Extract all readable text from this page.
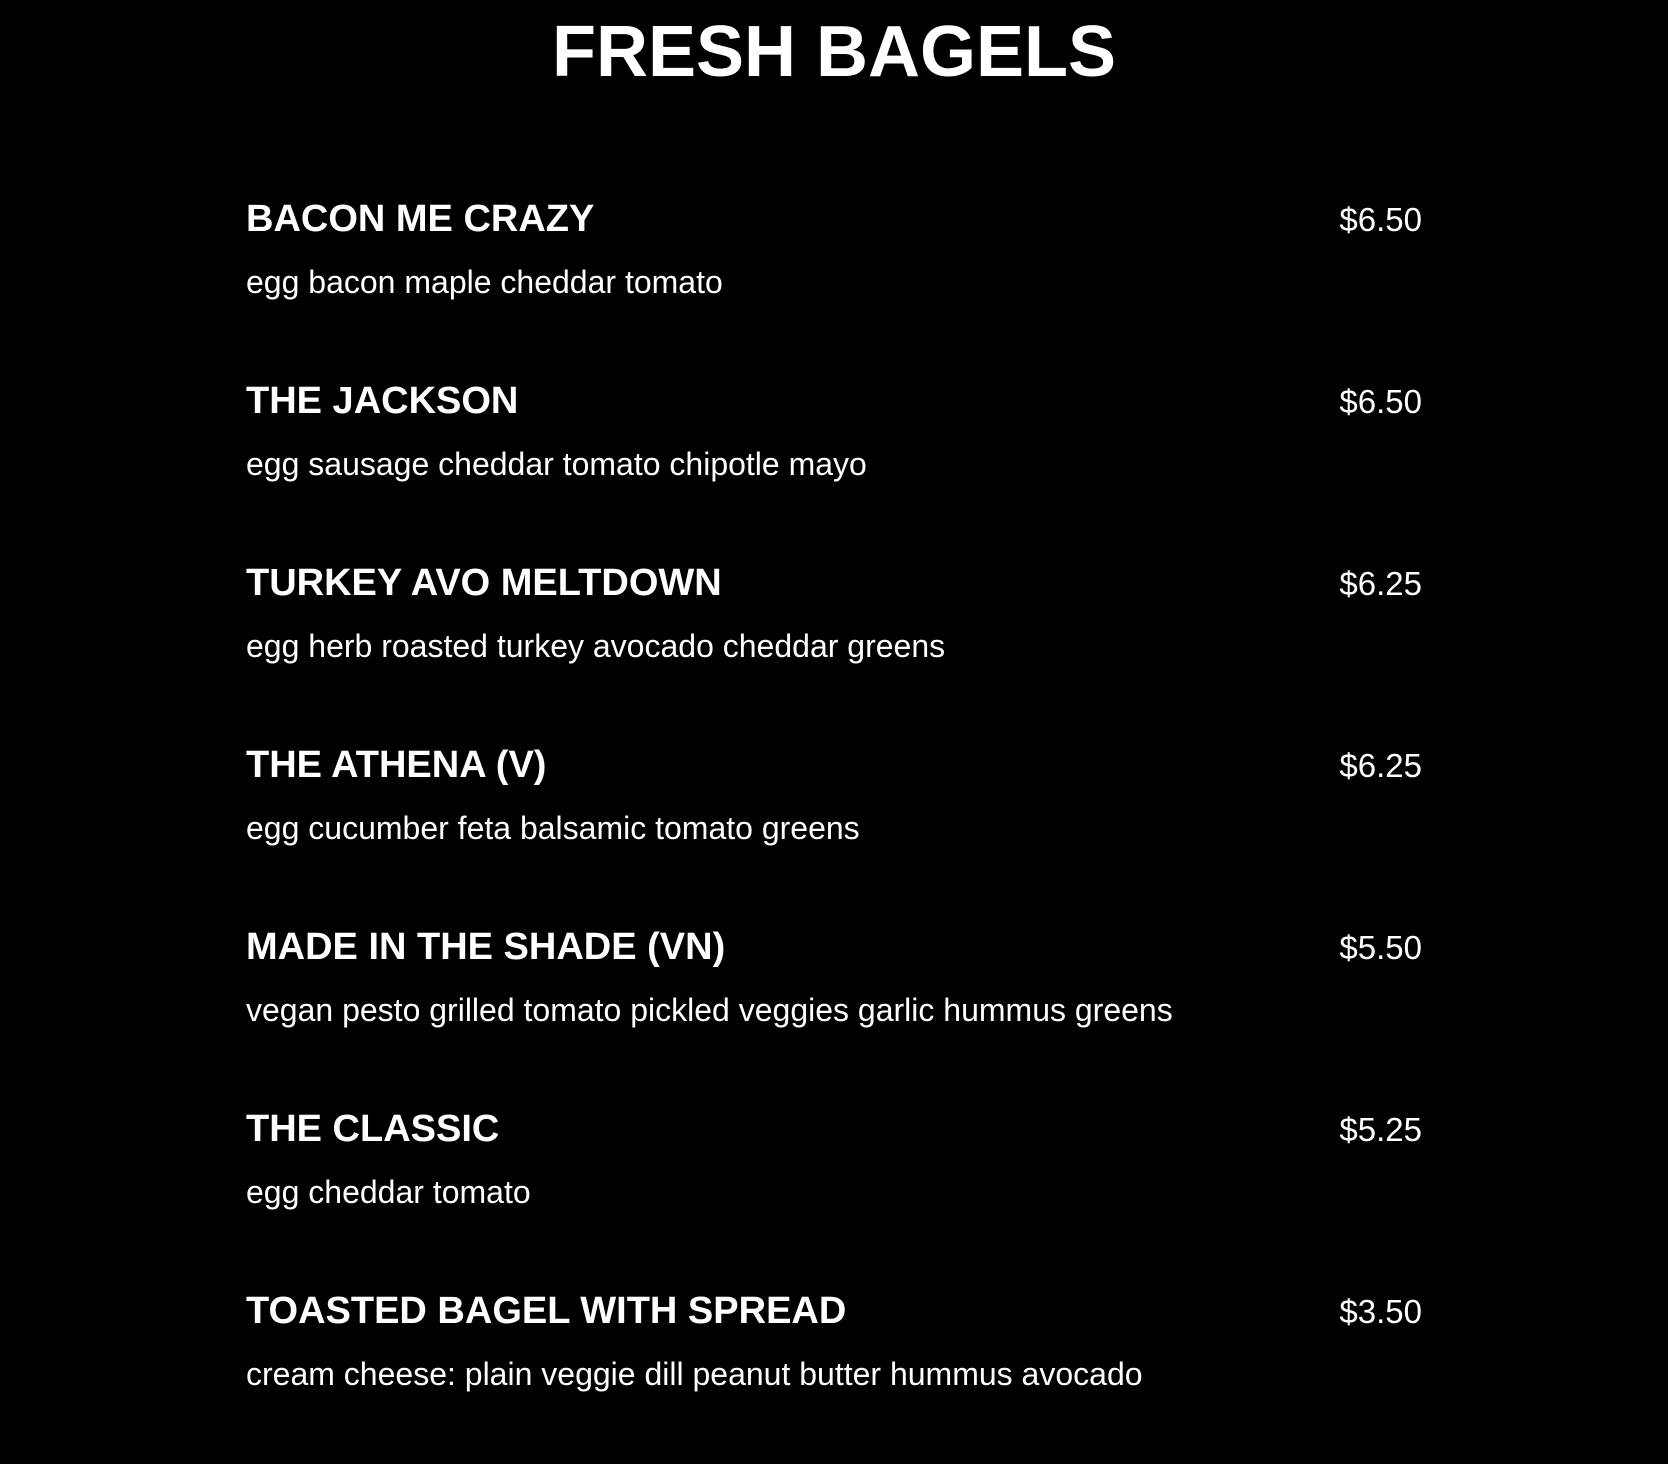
FRESH BAGELS
BACON ME CRAZY	$6.50
egg bacon maple cheddar tomato
THE JACKSON	$6.50
egg sausage cheddar tomato chipotle mayo
TURKEY AVO MELTDOWN	$6.25
egg herb roasted turkey avocado cheddar greens
THE ATHENA (V)	$6.25
egg cucumber feta balsamic tomato greens
MADE IN THE SHADE (VN)	$5.50
vegan pesto grilled tomato pickled veggies garlic hummus greens
THE CLASSIC	$5.25
egg cheddar tomato
TOASTED BAGEL WITH SPREAD	$3.50
cream cheese: plain veggie dill peanut butter hummus avocado
